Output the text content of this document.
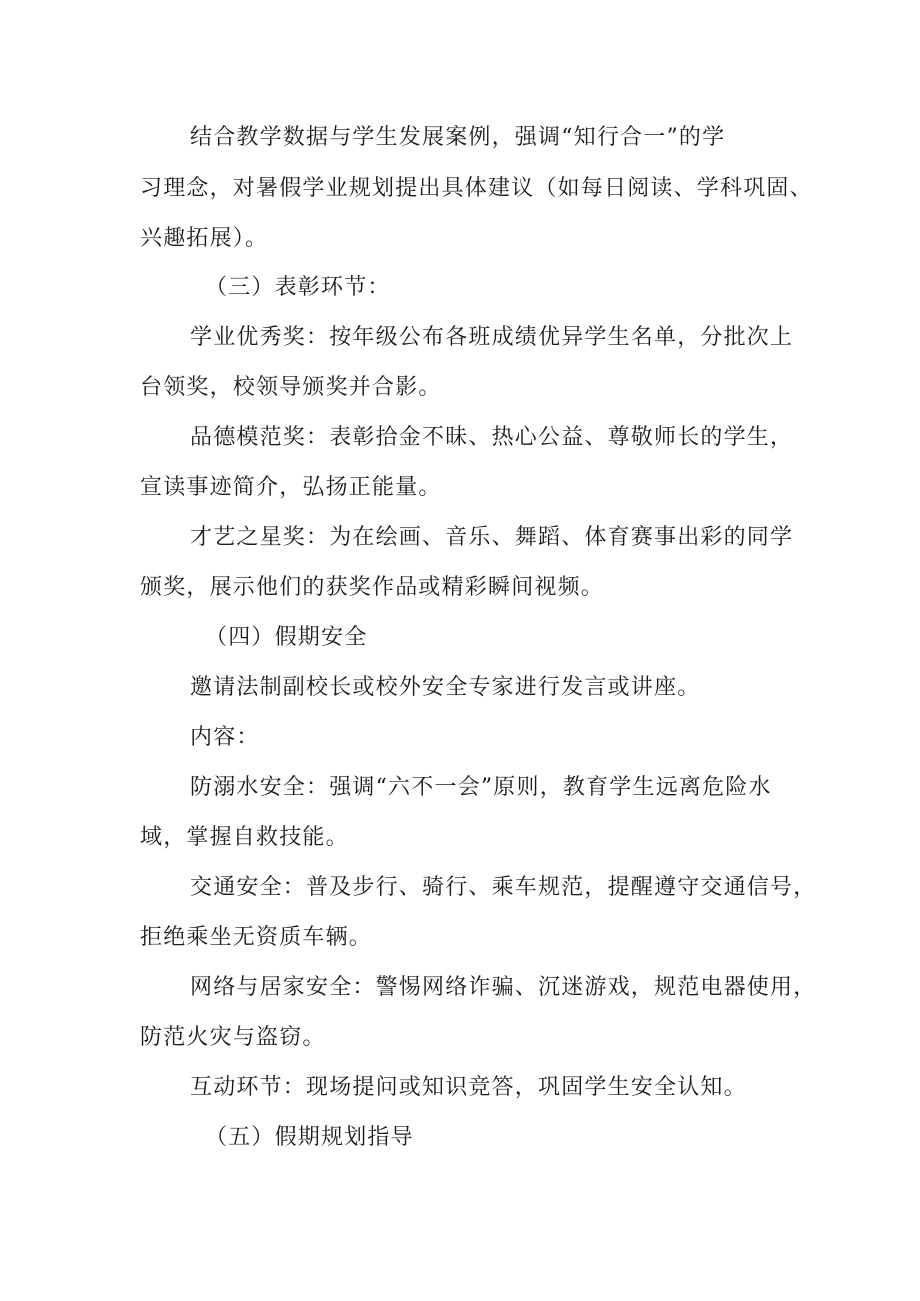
结合教学数据与学生发展案例，强调“知行合一”的学
习理念，对暑假学业规划提出具体建议（如每日阅读、学科巩固、
兴趣拓展）。
（三）表彰环节：
学业优秀奖：按年级公布各班成绩优异学生名单，分批次上
台领奖，校领导颁奖并合影。
品德模范奖：表彰拾金不昧、热心公益、尊敬师长的学生，
宣读事迹简介，弘扬正能量。
才艺之星奖：为在绘画、音乐、舞蹈、体育赛事出彩的同学
颁奖，展示他们的获奖作品或精彩瞬间视频。
（四）假期安全
邀请法制副校长或校外安全专家进行发言或讲座。
内容：
防溺水安全：强调“六不一会”原则，教育学生远离危险水
域，掌握自救技能。
交通安全：普及步行、骑行、乘车规范，提醒遵守交通信号，
拒绝乘坐无资质车辆。
网络与居家安全：警惕网络诈骗、沉迷游戏，规范电器使用，
防范火灾与盗窃。
互动环节：现场提问或知识竞答，巩固学生安全认知。
（五）假期规划指导
